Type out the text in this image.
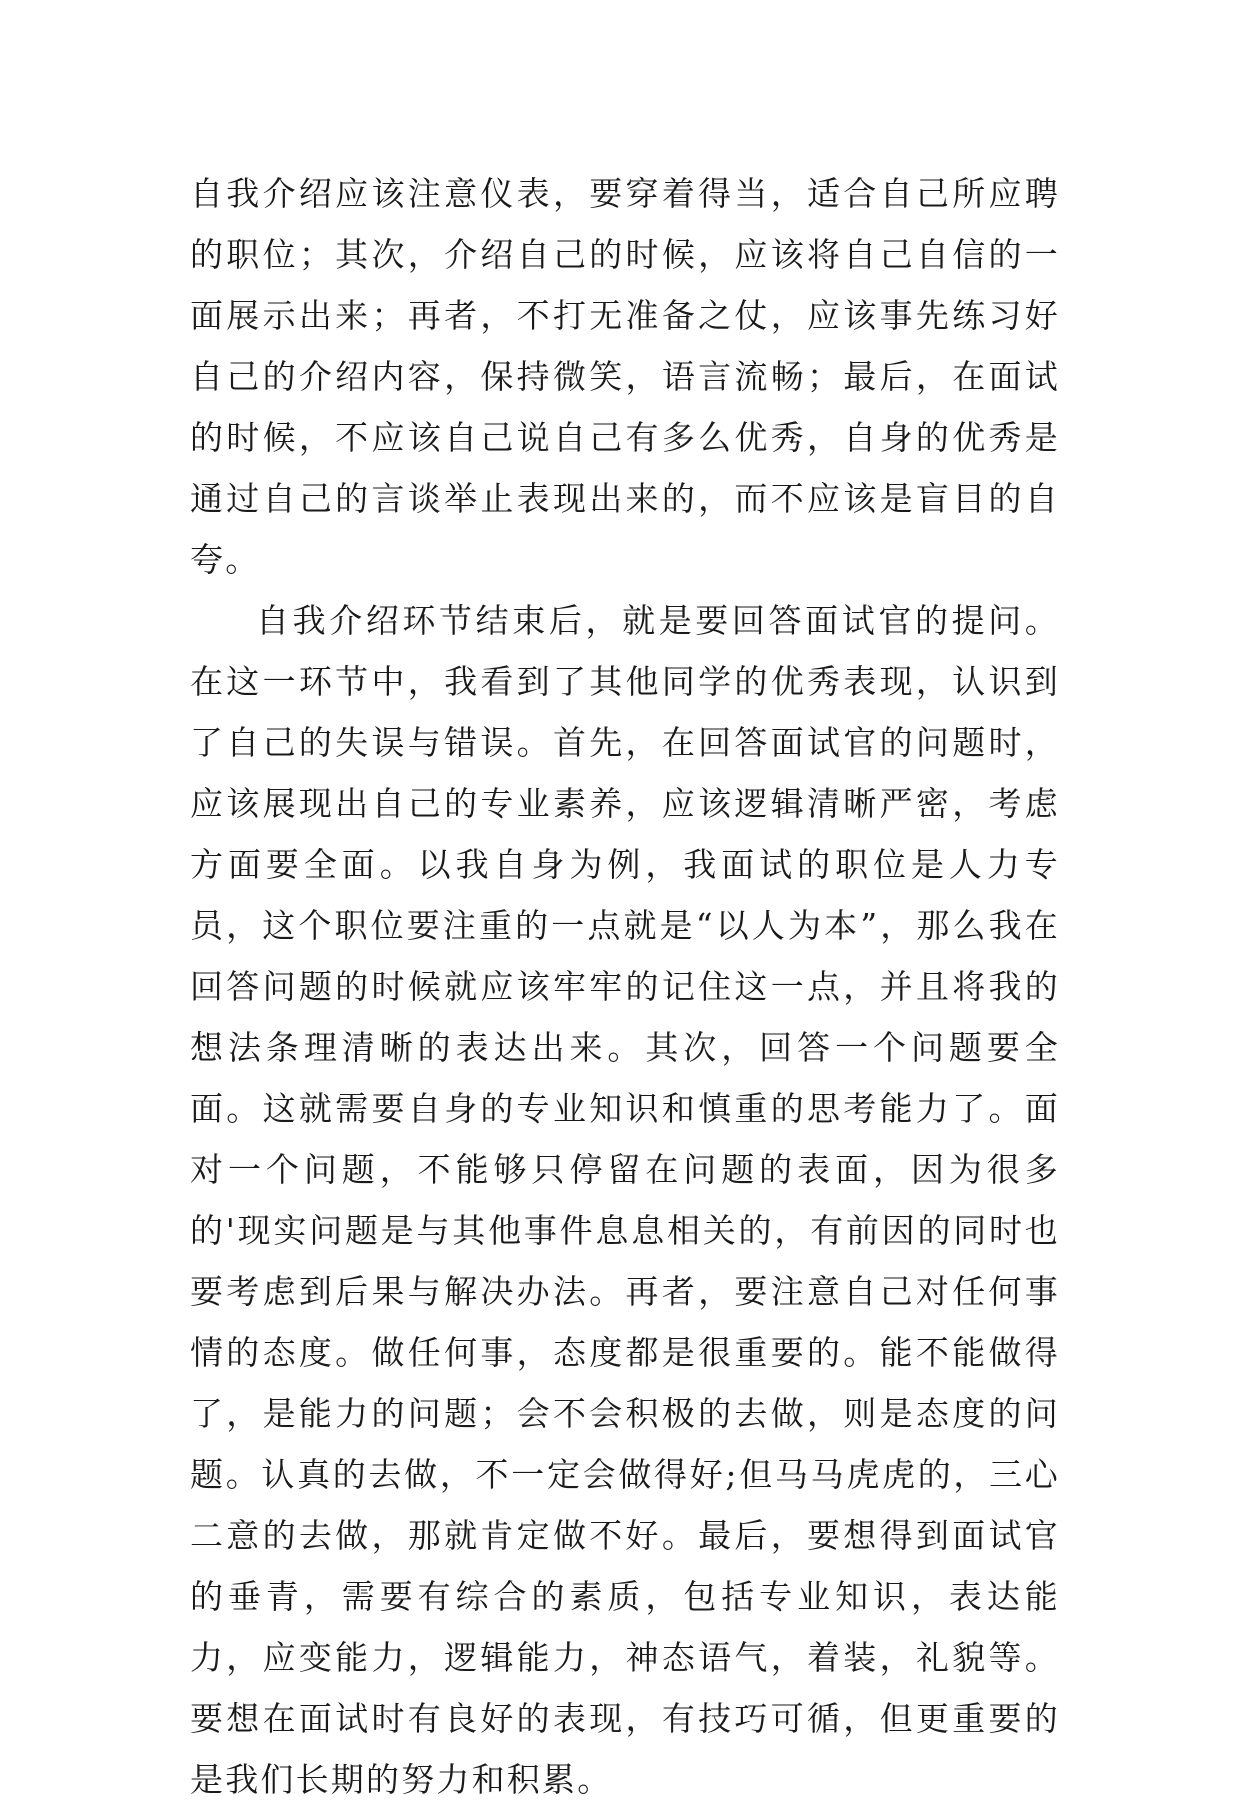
自我介绍应该注意仪表，要穿着得当，适合自己所应聘的职位；其次，介绍自己的时候，应该将自己自信的一面展示出来；再者，不打无准备之仗，应该事先练习好自己的介绍内容，保持微笑，语言流畅；最后，在面试的时候，不应该自己说自己有多么优秀，自身的优秀是通过自己的言谈举止表现出来的，而不应该是盲目的自夸。

自我介绍环节结束后，就是要回答面试官的提问。在这一环节中，我看到了其他同学的优秀表现，认识到了自己的失误与错误。首先，在回答面试官的问题时，应该展现出自己的专业素养，应该逻辑清晰严密，考虑方面要全面。以我自身为例，我面试的职位是人力专员，这个职位要注重的一点就是“以人为本”，那么我在回答问题的时候就应该牢牢的记住这一点，并且将我的想法条理清晰的表达出来。其次，回答一个问题要全面。这就需要自身的专业知识和慎重的思考能力了。面对一个问题，不能够只停留在问题的表面，因为很多的'现实问题是与其他事件息息相关的，有前因的同时也要考虑到后果与解决办法。再者，要注意自己对任何事情的态度。做任何事，态度都是很重要的。能不能做得了，是能力的问题；会不会积极的去做，则是态度的问题。认真的去做，不一定会做得好;但马马虎虎的，三心二意的去做，那就肯定做不好。最后，要想得到面试官的垂青，需要有综合的素质，包括专业知识，表达能力，应变能力，逻辑能力，神态语气，着装，礼貌等。要想在面试时有良好的表现，有技巧可循，但更重要的是我们长期的努力和积累。
